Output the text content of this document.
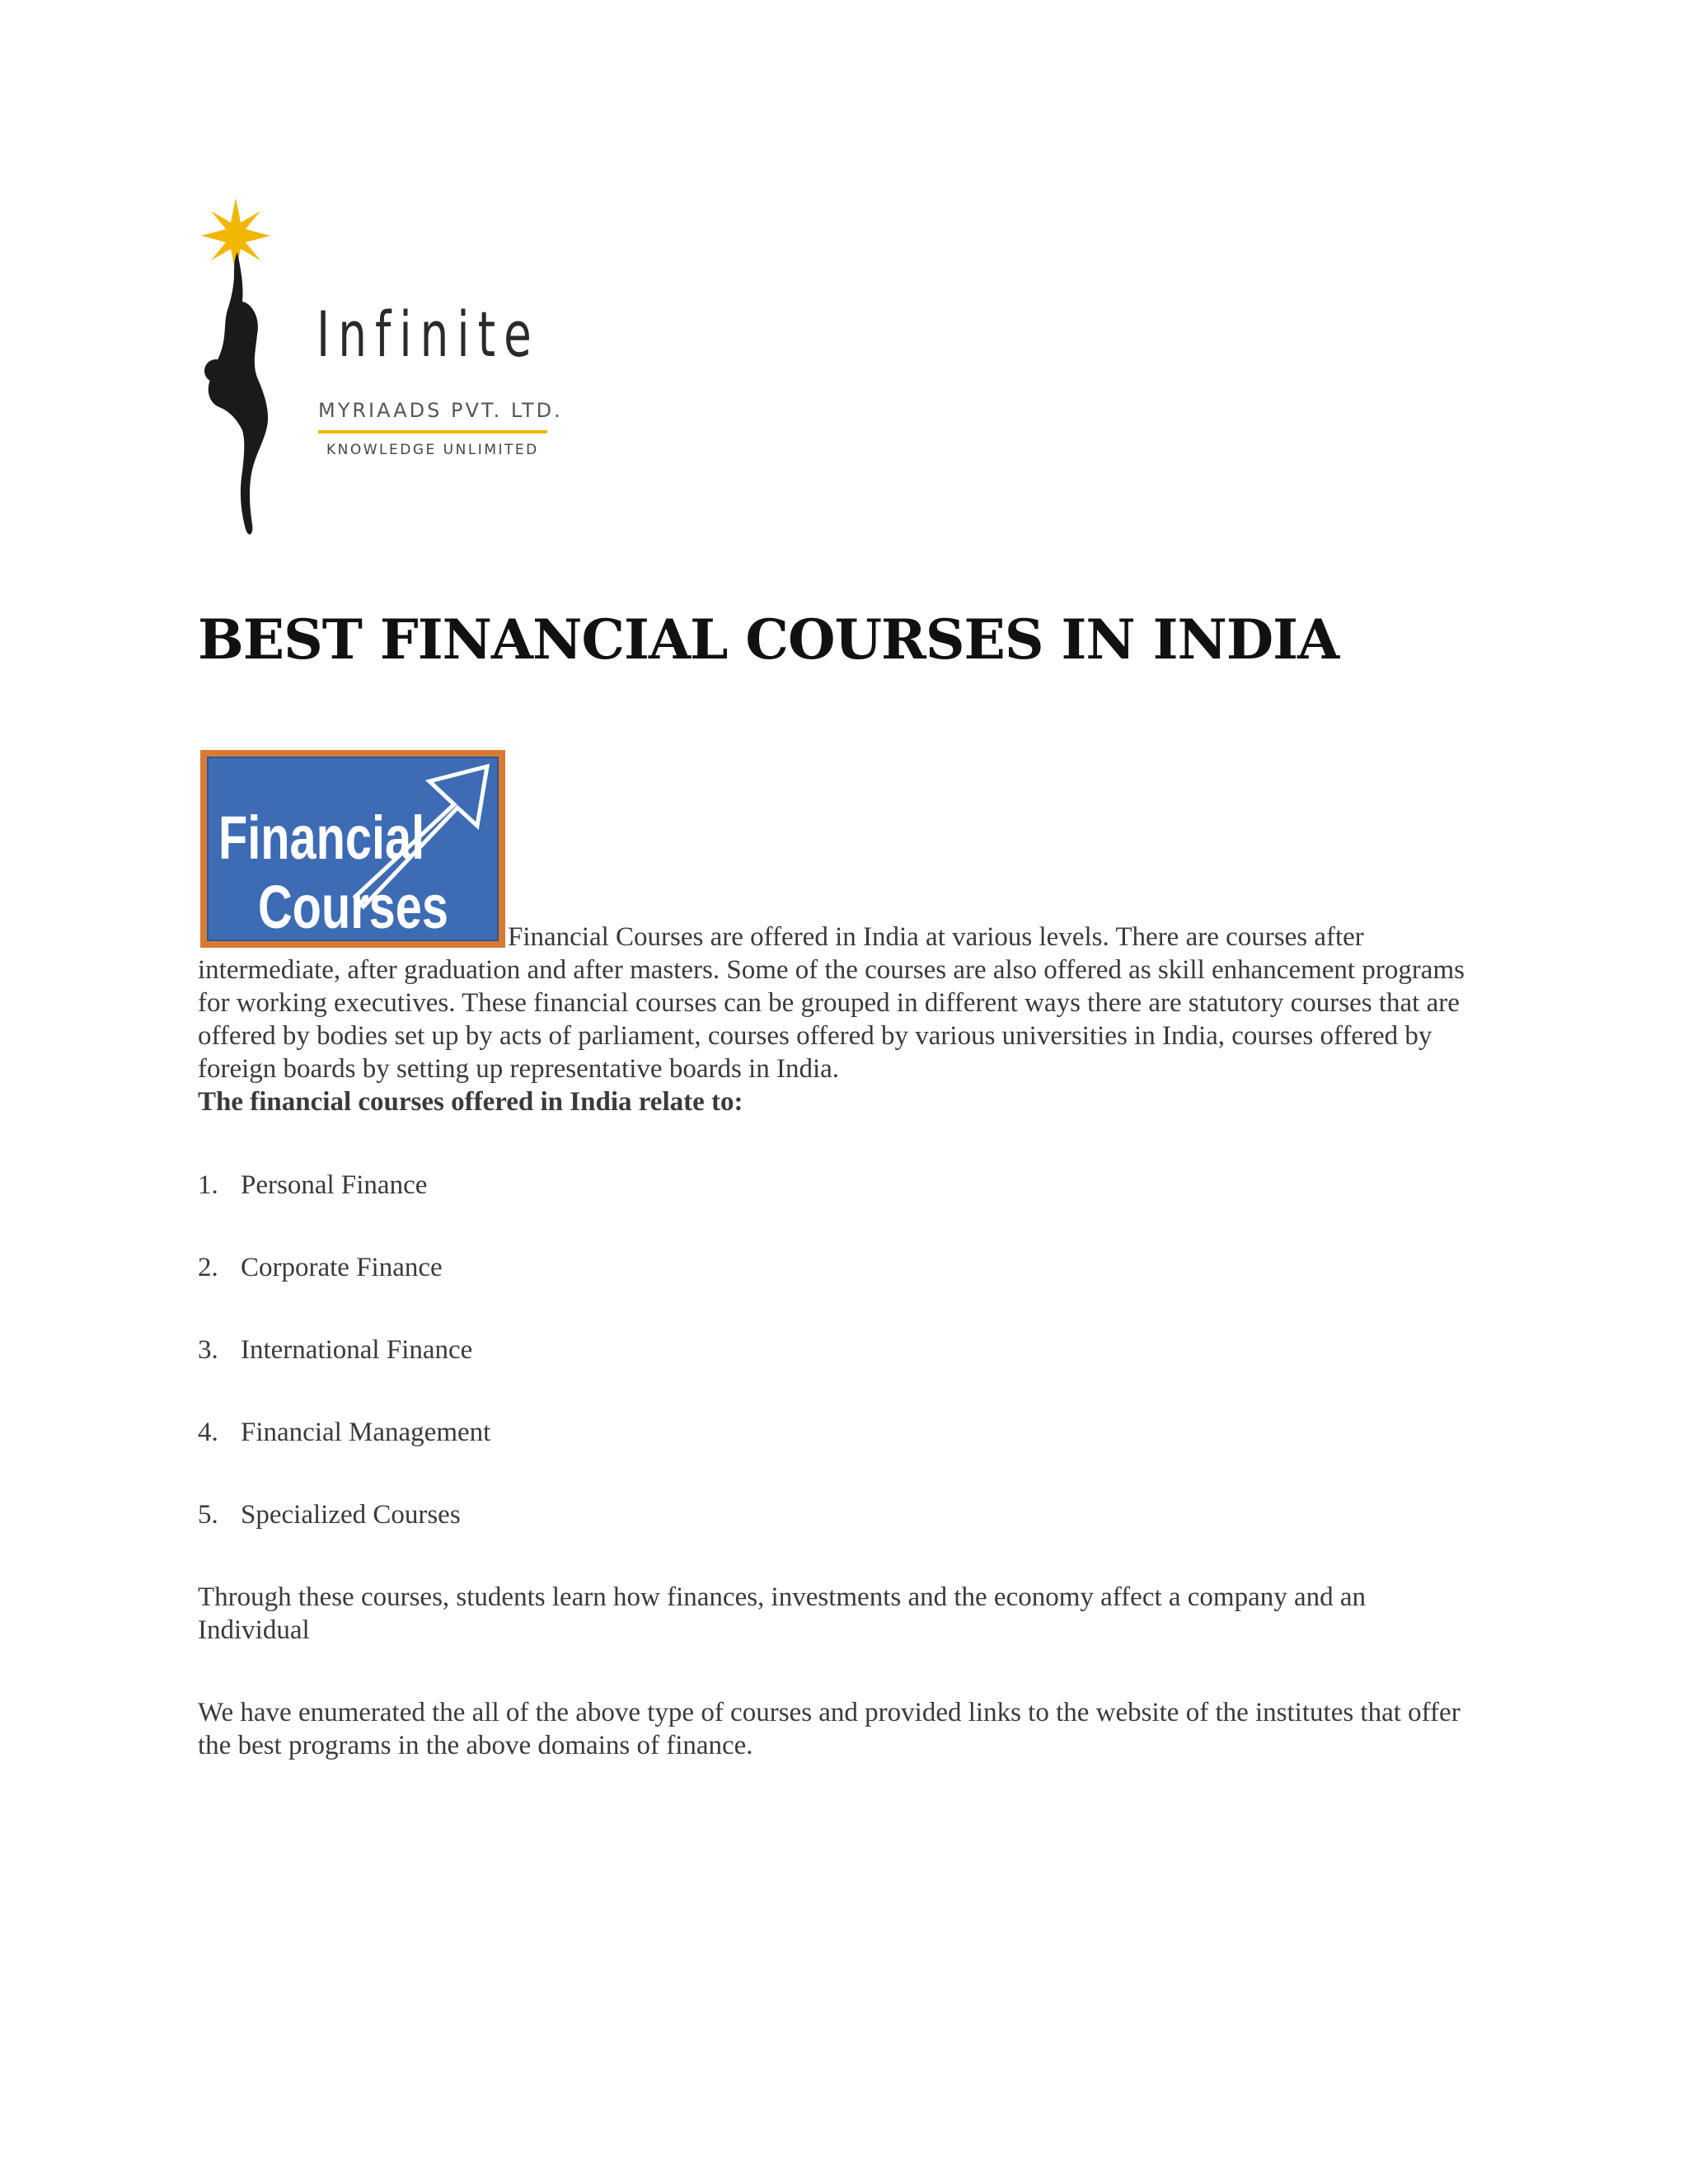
Infinite
MYRIAADS PVT. LTD.
KNOWLEDGE UNLIMITED
BEST FINANCIAL COURSES IN INDIA
Financial
Courses	Financial Courses are offered in India at various levels. There are courses after intermediate, after graduation and after masters. Some of the courses are also offered as skill enhancement programs for working executives. These financial courses can be grouped in different ways there are statutory courses that are offered by bodies set up by acts of parliament, courses offered by various universities in India, courses offered by foreign boards by setting up representative boards in India.

The financial courses offered in India relate to:

1. Personal Finance
2. Corporate Finance
3. International Finance
4. Financial Management
5. Specialized Courses

Through these courses, students learn how finances, investments and the economy affect a company and an Individual

We have enumerated the all of the above type of courses and provided links to the website of the institutes that offer the best programs in the above domains of finance.
